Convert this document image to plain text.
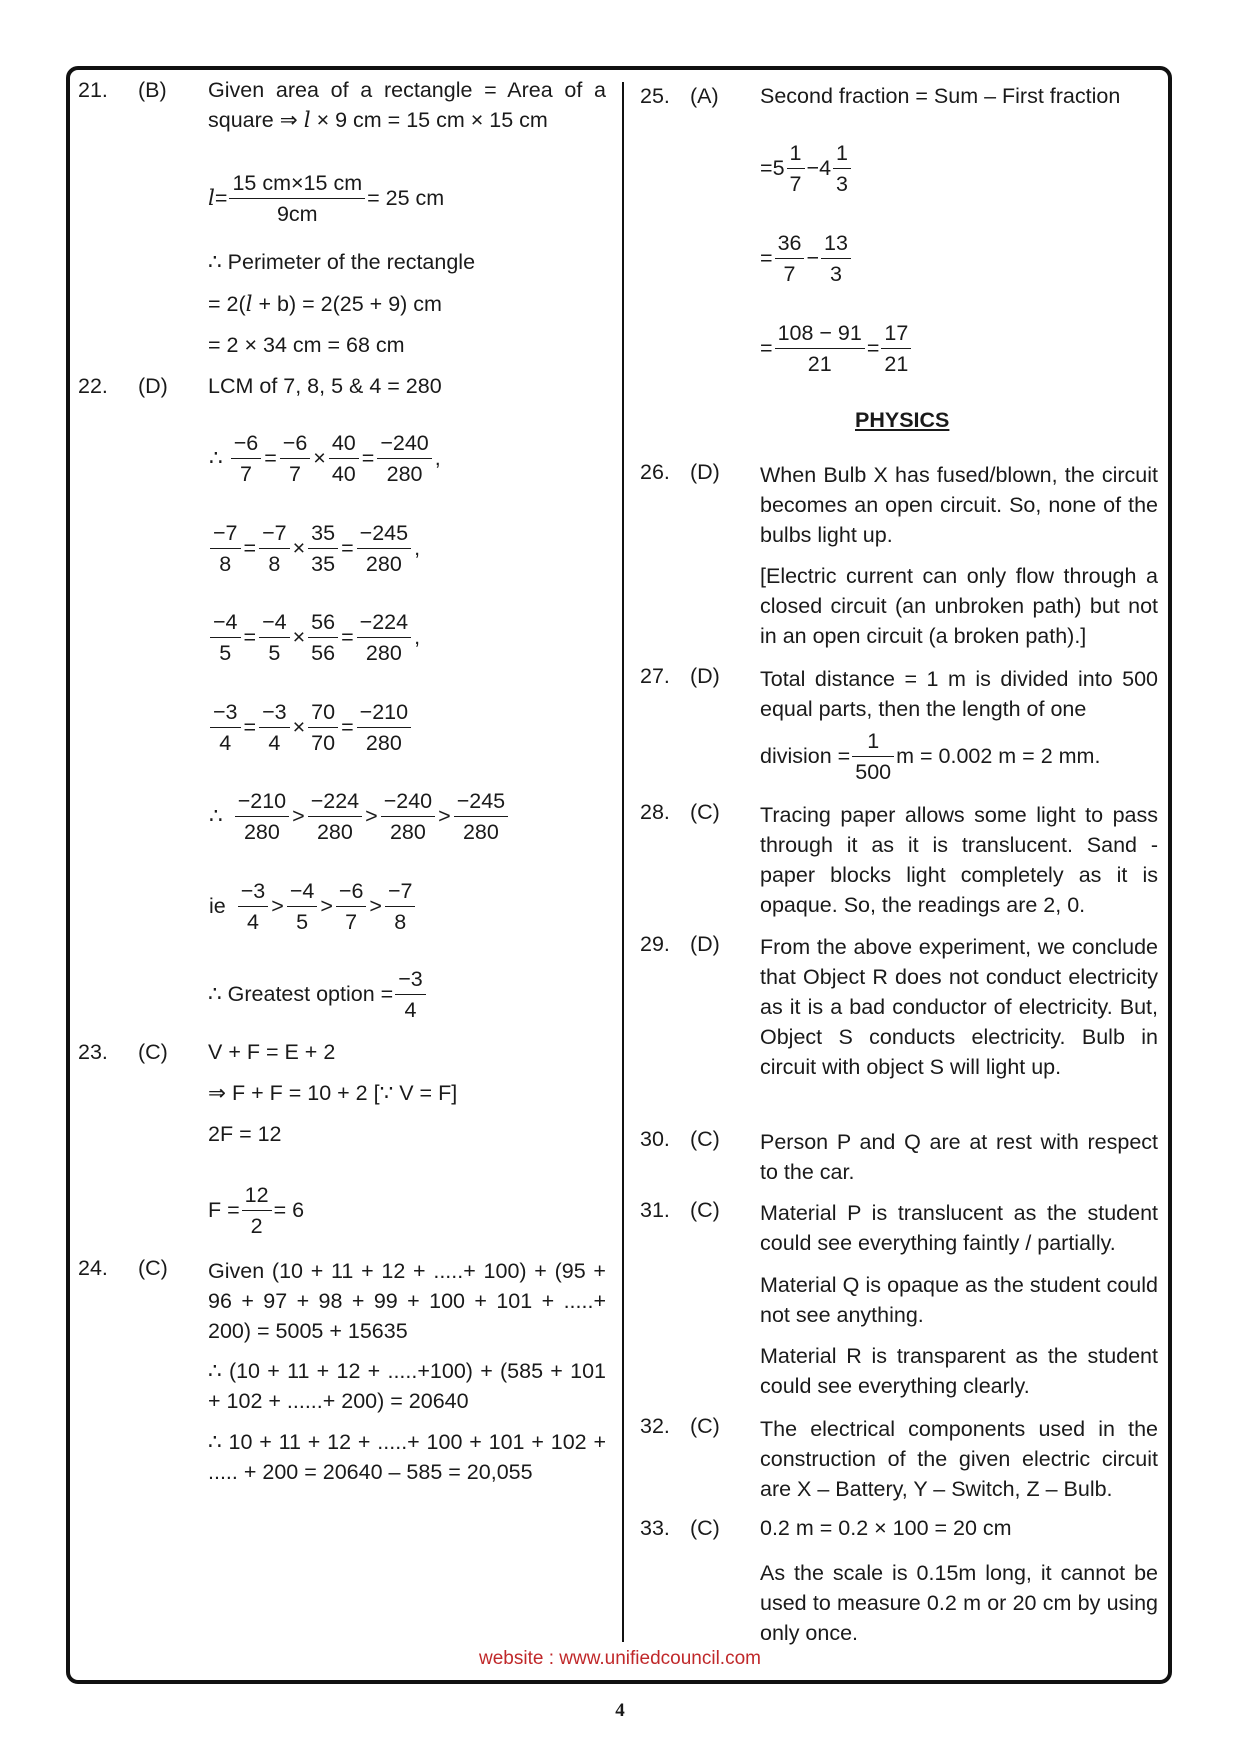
21. (B) Given area of a rectangle = Area of a
square ⇒ l × 9 cm = 15 cm × 15 cm
$l = \frac{15 cm\times 15 cm}{9cm} = 25$ cm
∴ Perimeter of the rectangle
= 2(l + b) = 2(25 + 9) cm
= 2 × 34 cm = 68 cm
22. (D) LCM of 7, 8, 5 & 4 = 280
∴ $\frac{-6}{7} = \frac{-6}{7} \times \frac{40}{40} = \frac{-240}{280}$ ,
$\frac{-7}{8} = \frac{-7}{8} \times \frac{35}{35} = \frac{-245}{280}$ ,
$\frac{-4}{5} = \frac{-4}{5} \times \frac{56}{56} = \frac{-224}{280}$ ,
$\frac{-3}{4} = \frac{-3}{4} \times \frac{70}{70} = \frac{-210}{280}$
∴ $\frac{-210}{280} > \frac{-224}{280} > \frac{-240}{280} > \frac{-245}{280}$
ie $\frac{-3}{4} > \frac{-4}{5} > \frac{-6}{7} > \frac{-7}{8}$
∴ Greatest option = $\frac{-3}{4}$
23. (C) V + F = E + 2
⇒ F + F = 10 + 2 [∵ V = F]
2F = 12
$F = \frac{12}{2} = 6$
24. (C) Given (10 + 11 + 12 + .....+ 100) + (95 + 96 + 97 + 98 + 99 + 100 + 101 + .....+ 200) = 5005 + 15635
∴ (10 + 11 + 12 + .....+100) + (585 + 101 + 102 + ......+ 200) = 20640
∴ 10 + 11 + 12 + .....+ 100 + 101 + 102 + ..... + 200 = 20640 – 585 = 20,055
25. (A) Second fraction = Sum – First fraction
= $5 \frac{1}{7} - 4 \frac{1}{3}$
= $\frac{36}{7} - \frac{13}{3}$
= $\frac{108 - 91}{21} = \frac{17}{21}$
PHYSICS
26. (D) When Bulb X has fused/blown, the circuit becomes an open circuit. So, none of the bulbs light up.
[Electric current can only flow through a closed circuit (an unbroken path) but not in an open circuit (a broken path).]
27. (D) Total distance = 1 m is divided into 500 equal parts, then the length of one
division = $\frac{1}{500}$ m = 0.002 m = 2 mm.
28. (C) Tracing paper allows some light to pass through it as it is translucent. Sand - paper blocks light completely as it is opaque. So, the readings are 2, 0.
29. (D) From the above experiment, we conclude that Object R does not conduct electricity as it is a bad conductor of electricity. But, Object S conducts electricity. Bulb in circuit with object S will light up.
30. (C) Person P and Q are at rest with respect to the car.
31. (C) Material P is translucent as the student could see everything faintly / partially.
Material Q is opaque as the student could not see anything.
Material R is transparent as the student could see everything clearly.
32. (C) The electrical components used in the construction of the given electric circuit are X – Battery, Y – Switch, Z – Bulb.
33. (C) 0.2 m = 0.2 × 100 = 20 cm
As the scale is 0.15m long, it cannot be used to measure 0.2 m or 20 cm by using only once.
website : www.unifiedcouncil.com
4
